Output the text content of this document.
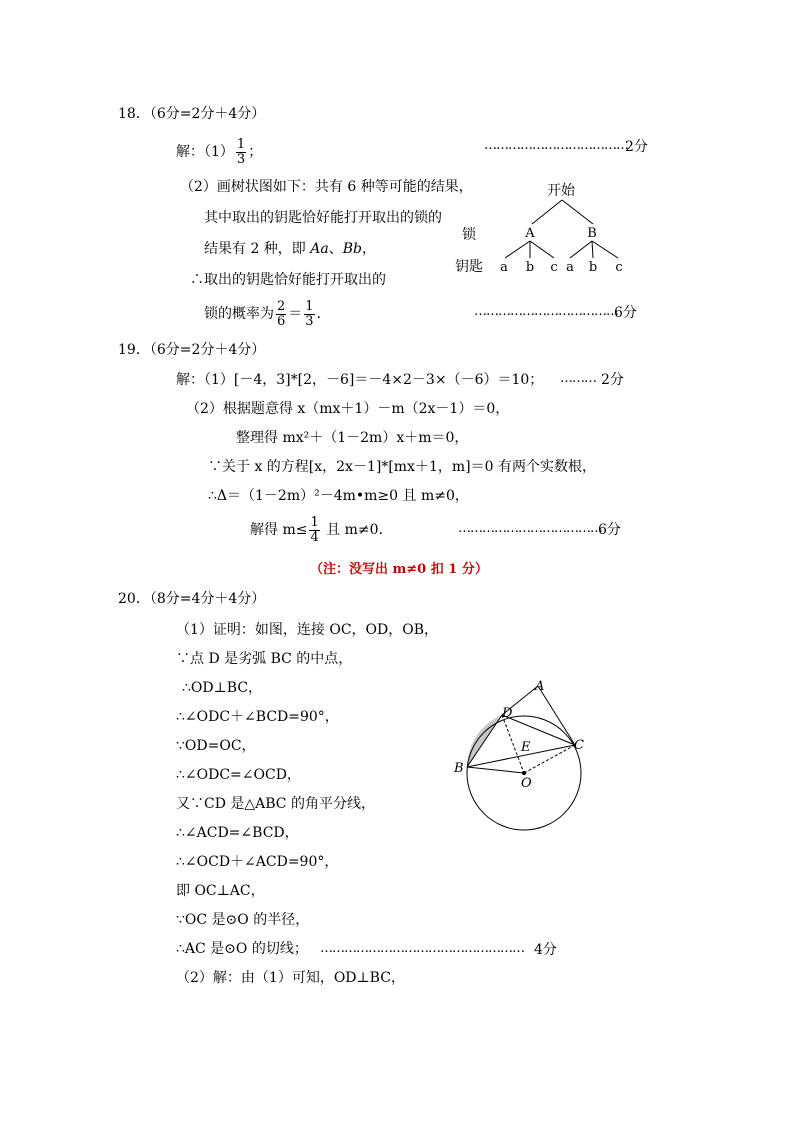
18．（6分=2分＋4分）
解：$(1) \frac{1}{3}$ ；	………………………………
2分
（2）画树状图如下：共有 6 种等可能的结果，
其中取出的钥匙恰好能打开取出的锁的
结果有 2 种，即 Aa、Bb，
∴取出的钥匙恰好能打开取出的
锁的概率为 $\frac{2}{6} = \frac{1}{3}$ ．	………………………………
6分
开始
锁	A	B
钥匙 a b c a b c
19．（6分=2分＋4分）
解：（1）[－4，3]*[2，－6]＝－4×2－3×（－6）＝10； ……… 2分
（2）根据题意得 x（mx＋1）－m（2x－1）＝0，
整理得 mx²＋（1－2m）x＋m＝0，
∵关于 x 的方程[x，2x－1]*[mx＋1，m]＝0 有两个实数根，
∴Δ＝（1－2m）²－4m•m≥0 且 m≠0，
解得 $m\le \frac{1}{4}$ 且 m≠0．	………………………………
6分
（注：没写出 m≠0 扣 1 分）
20．（8分=4分＋4分）
（1）证明：如图，连接 OC，OD，OB，
∵点 D 是劣弧 BC 的中点，
∴OD⊥BC，
∴∠ODC＋∠BCD=90°，
∵OD=OC，
∴∠ODC=∠OCD，
又∵CD 是△ABC 的角平分线，
∴∠ACD=∠BCD，
∴∠OCD＋∠ACD=90°，
即 OC⊥AC，
∵OC 是⊙O 的半径，
∴AC 是⊙O 的切线； …………………………………………… 4分
（2）解：由（1）可知，OD⊥BC，
A
B
C
D
E
O
